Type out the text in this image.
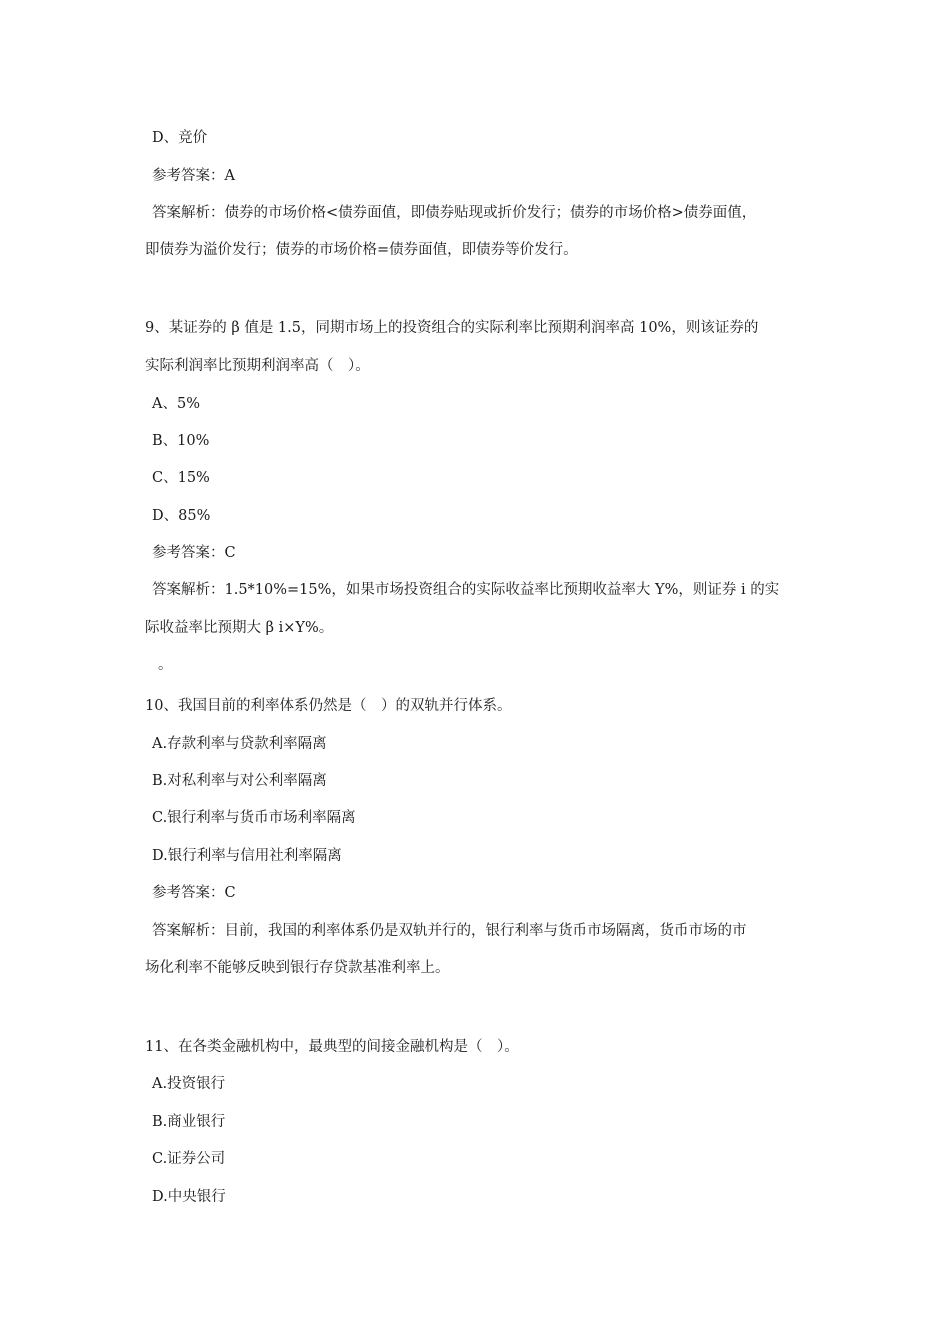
D、竞价
参考答案：A
答案解析：债券的市场价格<债券面值，即债券贴现或折价发行；债券的市场价格>债券面值，
即债券为溢价发行；债券的市场价格=债券面值，即债券等价发行。
9、某证券的 β 值是 1.5，同期市场上的投资组合的实际利率比预期利润率高 10%，则该证券的
实际利润率比预期利润率高（　）。
A、5%
B、10%
C、15%
D、85%
参考答案：C
答案解析：1.5*10%=15%，如果市场投资组合的实际收益率比预期收益率大 Y%，则证券 i 的实
际收益率比预期大 β i×Y%。
。
10、我国目前的利率体系仍然是（　）的双轨并行体系。
A.存款利率与贷款利率隔离
B.对私利率与对公利率隔离
C.银行利率与货币市场利率隔离
D.银行利率与信用社利率隔离
参考答案：C
答案解析：目前，我国的利率体系仍是双轨并行的，银行利率与货币市场隔离，货币市场的市
场化利率不能够反映到银行存贷款基准利率上。
11、在各类金融机构中，最典型的间接金融机构是（　）。
A.投资银行
B.商业银行
C.证券公司
D.中央银行
